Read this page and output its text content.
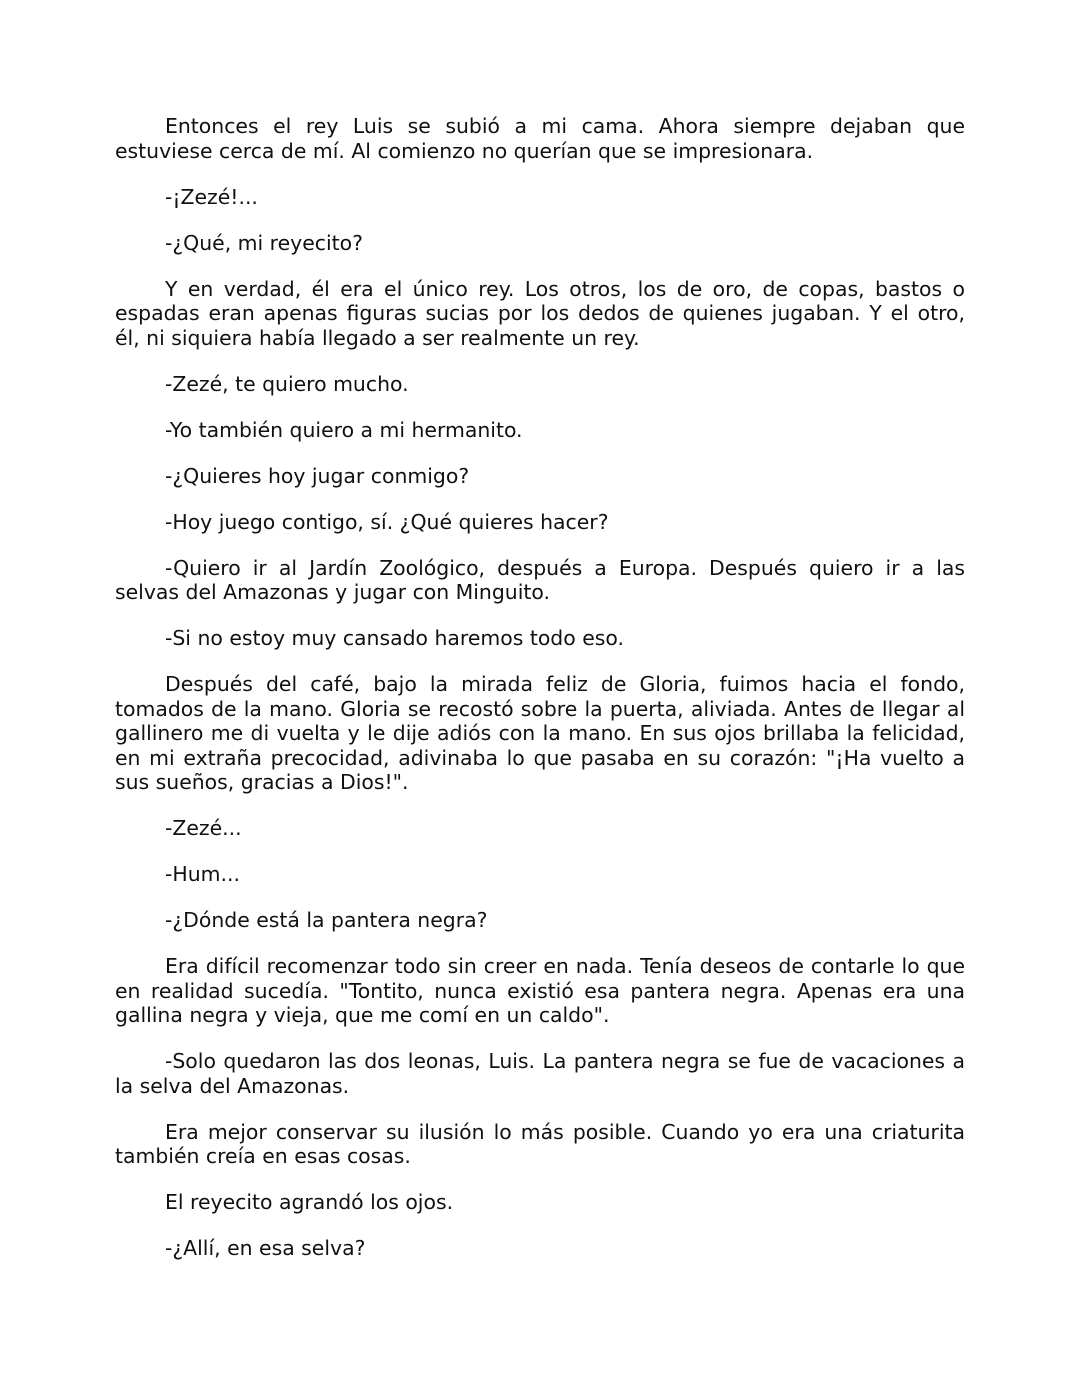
Entonces el rey Luis se subió a mi cama. Ahora siempre dejaban que estuviese cerca de mí. Al comienzo no querían que se impresionara.

-¡Zezé!...

-¿Qué, mi reyecito?

Y en verdad, él era el único rey. Los otros, los de oro, de copas, bastos o espadas eran apenas figuras sucias por los dedos de quienes jugaban. Y el otro, él, ni siquiera había llegado a ser realmente un rey.

-Zezé, te quiero mucho.

-Yo también quiero a mi hermanito.

-¿Quieres hoy jugar conmigo?

-Hoy juego contigo, sí. ¿Qué quieres hacer?

-Quiero ir al Jardín Zoológico, después a Europa. Después quiero ir a las selvas del Amazonas y jugar con Minguito.

-Si no estoy muy cansado haremos todo eso.

Después del café, bajo la mirada feliz de Gloria, fuimos hacia el fondo, tomados de la mano. Gloria se recostó sobre la puerta, aliviada. Antes de llegar al gallinero me di vuelta y le dije adiós con la mano. En sus ojos brillaba la felicidad, en mi extraña precocidad, adivinaba lo que pasaba en su corazón: "¡Ha vuelto a sus sueños, gracias a Dios!".

-Zezé...

-Hum...

-¿Dónde está la pantera negra?

Era difícil recomenzar todo sin creer en nada. Tenía deseos de contarle lo que en realidad sucedía. "Tontito, nunca existió esa pantera negra. Apenas era una gallina negra y vieja, que me comí en un caldo".

-Solo quedaron las dos leonas, Luis. La pantera negra se fue de vacaciones a la selva del Amazonas.

Era mejor conservar su ilusión lo más posible. Cuando yo era una criaturita también creía en esas cosas.

El reyecito agrandó los ojos.

-¿Allí, en esa selva?
